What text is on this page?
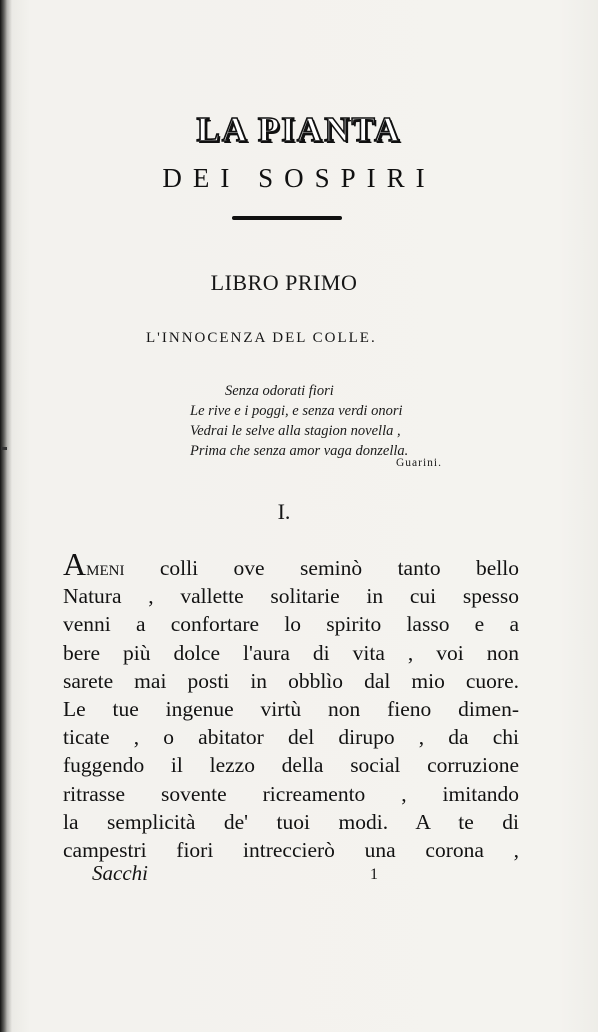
LA PIANTA
DEI SOSPIRI
LIBRO PRIMO
L'INNOCENZA DEL COLLE.
Senza odorati fiori
Le rive e i poggi, e senza verdi onori
Vedrai le selve alla stagion novella ,
Prima che senza amor vaga donzella.
Guarini.
I.
Ameni colli ove seminò tanto bello
Natura , vallette solitarie in cui spesso
venni a confortare lo spirito lasso e a
bere più dolce l'aura di vita , voi non
sarete mai posti in obblìo dal mio cuore.
Le tue ingenue virtù non fieno dimen-
ticate , o abitator del dirupo , da chi
fuggendo il lezzo della social corruzione
ritrasse sovente ricreamento , imitando
la semplicità de' tuoi modi. A te di
campestri fiori intreccierò una corona ,
Sacchi	1
